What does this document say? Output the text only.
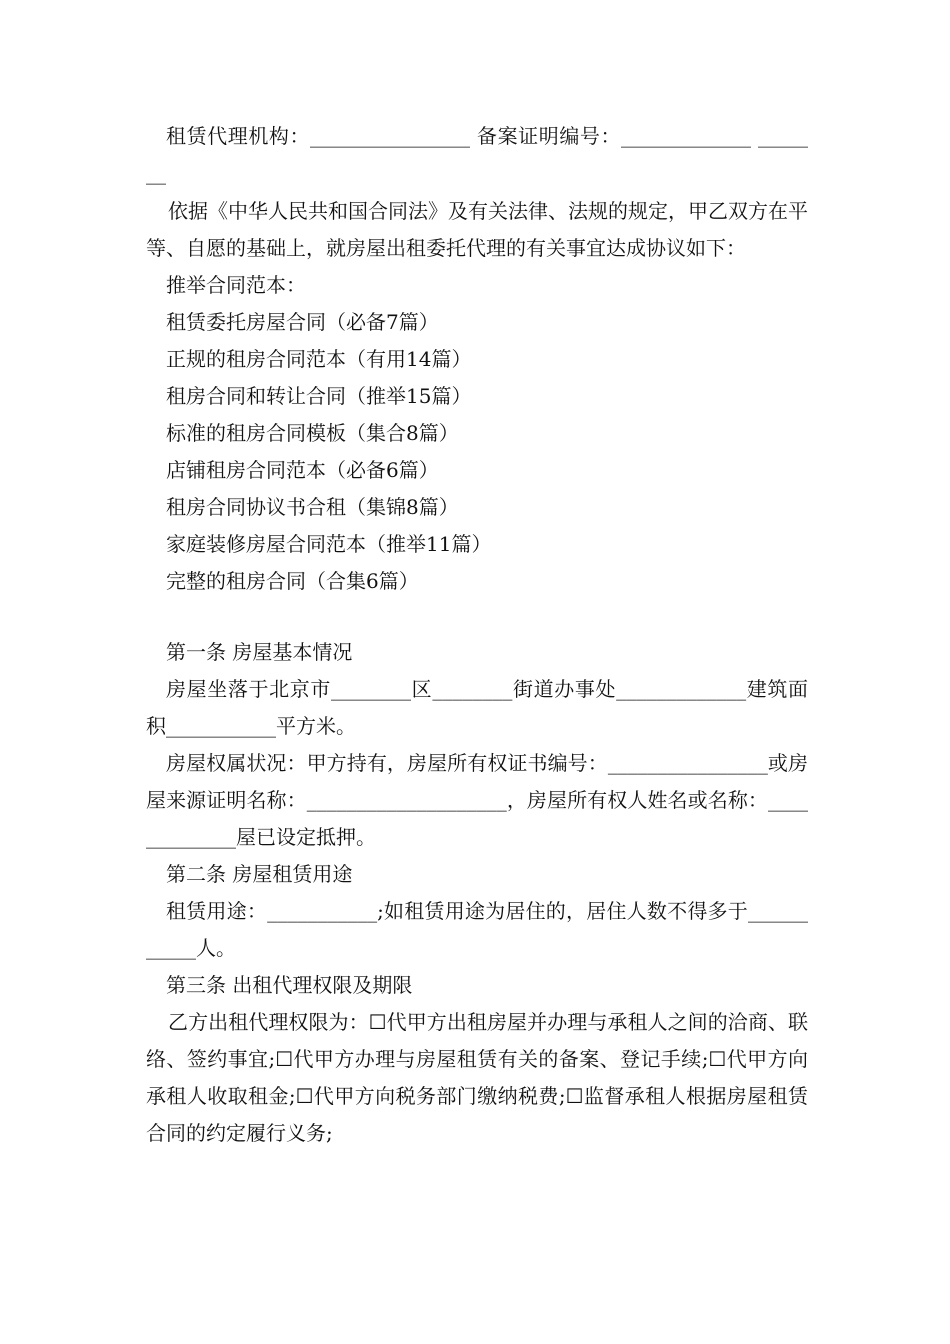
租赁代理机构：________________ 备案证明编号：_____________ _______

依据《中华人民共和国合同法》及有关法律、法规的规定，甲乙双方在平等、自愿的基础上，就房屋出租委托代理的有关事宜达成协议如下：

推举合同范本：

租赁委托房屋合同（必备7篇）

正规的租房合同范本（有用14篇）

租房合同和转让合同（推举15篇）

标准的租房合同模板（集合8篇）

店铺租房合同范本（必备6篇）

租房合同协议书合租（集锦8篇）

家庭装修房屋合同范本（推举11篇）

完整的租房合同（合集6篇）

第一条 房屋基本情况

房屋坐落于北京市________区________街道办事处_____________建筑面积___________平方米。

房屋权属状况：甲方持有，房屋所有权证书编号：________________或房屋来源证明名称：____________________，房屋所有权人姓名或名称：_____________屋已设定抵押。

第二条 房屋租赁用途

租赁用途：___________;如租赁用途为居住的，居住人数不得多于___________人。

第三条 出租代理权限及期限

乙方出租代理权限为：☐代甲方出租房屋并办理与承租人之间的洽商、联络、签约事宜;☐代甲方办理与房屋租赁有关的备案、登记手续;☐代甲方向承租人收取租金;☐代甲方向税务部门缴纳税费;☐监督承租人根据房屋租赁合同的约定履行义务;
